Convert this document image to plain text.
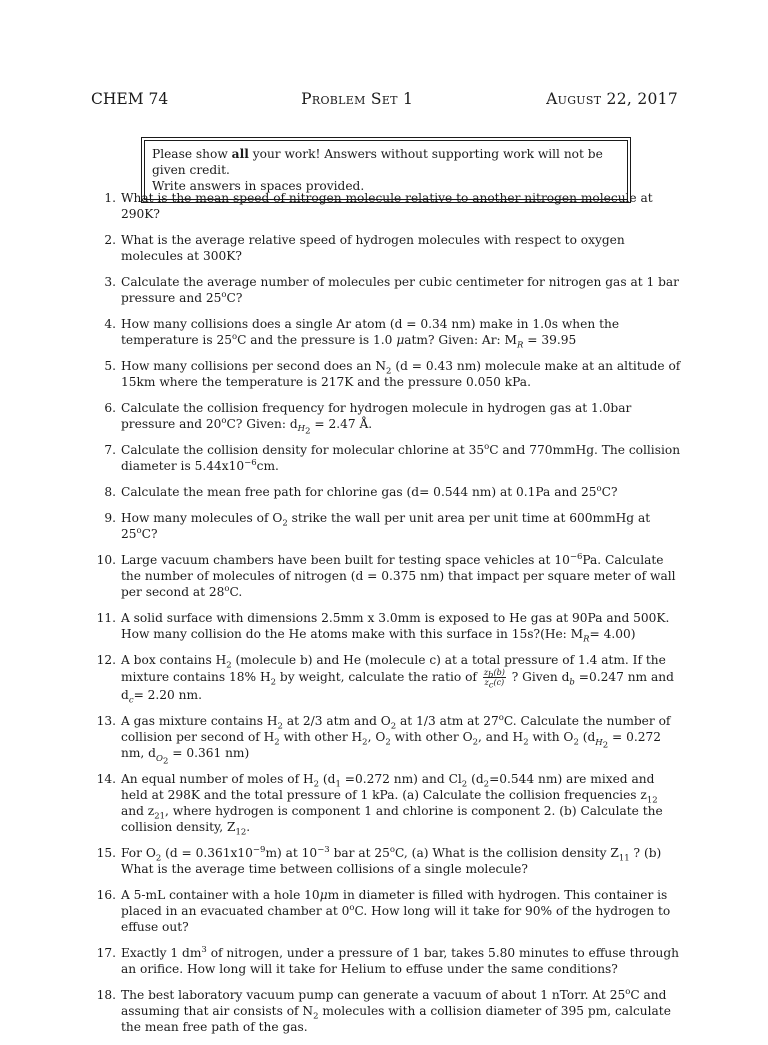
CHEM 74	Problem Set 1	August 22, 2017
Please show all your work! Answers without supporting work will not be given credit.
Write answers in spaces provided.
1. What is the mean speed of nitrogen molecule relative to another nitrogen molecule at 290K?
2. What is the average relative speed of hydrogen molecules with respect to oxygen molecules at 300K?
3. Calculate the average number of molecules per cubic centimeter for nitrogen gas at 1 bar pressure and 25$^o$C?
4. How many collisions does a single Ar atom (d = 0.34 nm) make in 1.0s when the temperature is 25$^o$C and the pressure is 1.0 μatm? Given: Ar: $M_R = 39.95$
5. How many collisions per second does an $N_2$ (d = 0.43 nm) molecule make at an altitude of 15km where the temperature is 217K and the pressure 0.050 kPa.
6. Calculate the collision frequency for hydrogen molecule in hydrogen gas at 1.0bar pressure and 20$^o$C? Given: $d_{H_2} = 2.47$ Å.
7. Calculate the collision density for molecular chlorine at 35$^o$C and 770mmHg. The collision diameter is $5.44x10^{-6}cm$.
8. Calculate the mean free path for chlorine gas (d= 0.544 nm) at 0.1Pa and 25$^o$C?
9. How many molecules of $O_2$ strike the wall per unit area per unit time at 600mmHg at 25$^o$C?
10. Large vacuum chambers have been built for testing space vehicles at $10^{-6}Pa$. Calculate the number of molecules of nitrogen (d = 0.375 nm) that impact per square meter of wall per second at 28$^o$C.
11. A solid surface with dimensions 2.5mm x 3.0mm is exposed to He gas at 90Pa and 500K. How many collision do the He atoms make with this surface in 15s?(He: $M_R= 4.00$)
12. A box contains $H_2$ (molecule b) and He (molecule c) at a total pressure of 1.4 atm. If the mixture contains 18% $H_2$ by weight, calculate the ratio of $\frac{z_b(b)}{z_c(c)}$ ? Given $d_b =0.247$ nm and $d_c= 2.20$ nm.
13. A gas mixture contains $H_2$ at 2/3 atm and $O_2$ at 1/3 atm at 27$^o$C. Calculate the number of collision per second of $H_2$ with other $H_2$, $O_2$ with other $O_2$, and $H_2$ with $O_2$ ($d_{H_2} = 0.272$ nm, $d_{O_2} = 0.361$ nm)
14. An equal number of moles of $H_2$ ($d_1 =0.272$ nm) and $Cl_2$ ($d_2=0.544$ nm) are mixed and held at 298K and the total pressure of 1 kPa. (a) Calculate the collision frequencies $z_{12}$ and $z_{21}$, where hydrogen is component 1 and chlorine is component 2. (b) Calculate the collision density, $Z_{12}$.
15. For $O_2$ $(d = 0.361x10^{-9}m)$ at $10^{-3}$ bar at 25$^o$C, (a) What is the collision density $Z_{11}$ ? (b) What is the average time between collisions of a single molecule?
16. A 5-mL container with a hole 10μm in diameter is filled with hydrogen. This container is placed in an evacuated chamber at 0$^o$C. How long will it take for 90% of the hydrogen to effuse out?
17. Exactly 1 $dm^3$ of nitrogen, under a pressure of 1 bar, takes 5.80 minutes to effuse through an orifice. How long will it take for Helium to effuse under the same conditions?
18. The best laboratory vacuum pump can generate a vacuum of about 1 nTorr. At 25$^o$C and assuming that air consists of $N_2$ molecules with a collision diameter of 395 pm, calculate the mean free path of the gas.
